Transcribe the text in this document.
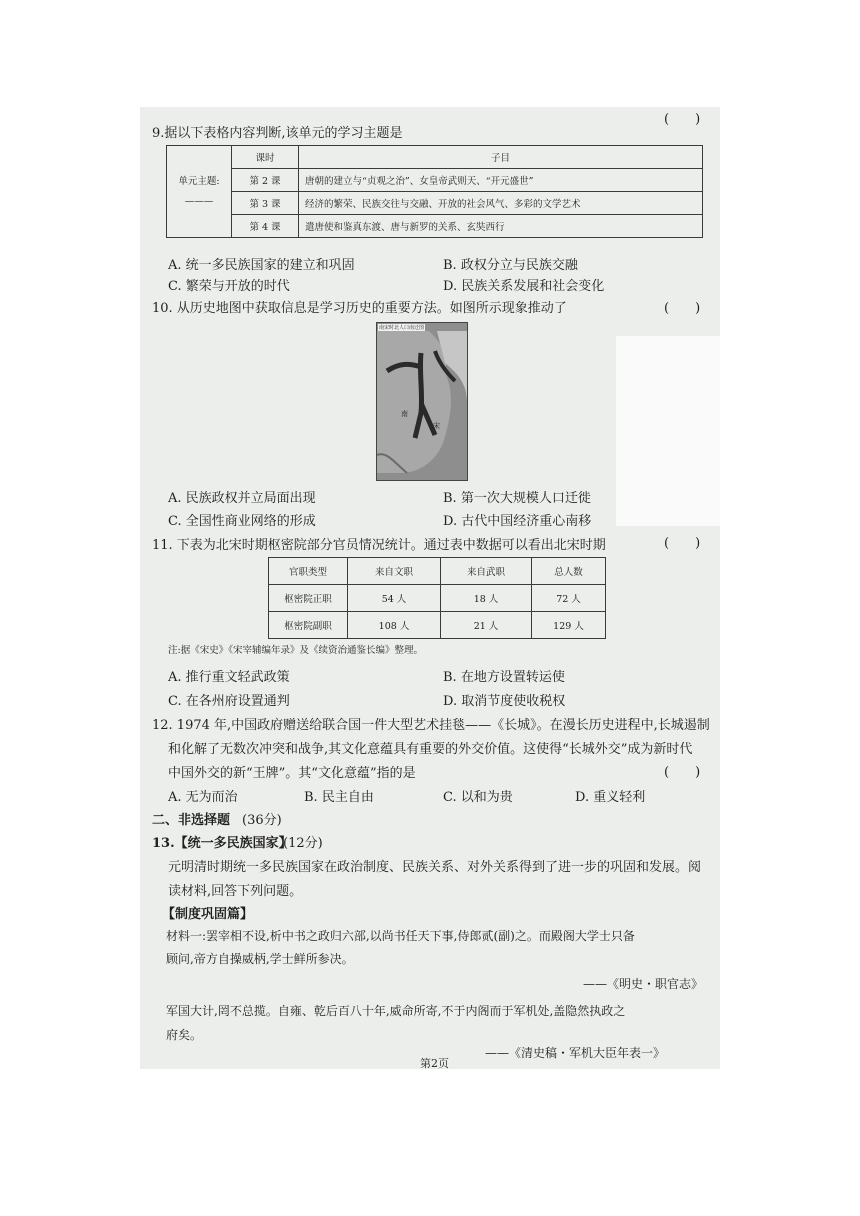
9.据以下表格内容判断,该单元的学习主题是
(　　)
单元主题:
———	课时	子目
	第 2 课	唐朝的建立与“贞观之治”、女皇帝武则天、“开元盛世”
	第 3 课	经济的繁荣、民族交往与交融、开放的社会风气、多彩的文学艺术
	第 4 课	遣唐使和鉴真东渡、唐与新罗的关系、玄奘西行
A. 统一多民族国家的建立和巩固	B. 政权分立与民族交融
C. 繁荣与开放的时代	D. 民族关系发展和社会变化
10. 从历史地图中获取信息是学习历史的重要方法。如图所示现象推动了	(　　)
南宋时北人口南迁图
南
宋
A. 民族政权并立局面出现	B. 第一次大规模人口迁徙
C. 全国性商业网络的形成	D. 古代中国经济重心南移
11. 下表为北宋时期枢密院部分官员情况统计。通过表中数据可以看出北宋时期	(　　)
官职类型	来自文职	来自武职	总人数
枢密院正职	54 人	18 人	72 人
枢密院副职	108 人	21 人	129 人
注:据《宋史》《宋宰辅编年录》及《续资治通鉴长编》整理。
A. 推行重文轻武政策	B. 在地方设置转运使
C. 在各州府设置通判	D. 取消节度使收税权
12. 1974 年,中国政府赠送给联合国一件大型艺术挂毯——《长城》。在漫长历史进程中,长城遏制
和化解了无数次冲突和战争,其文化意蕴具有重要的外交价值。这使得“长城外交”成为新时代
中国外交的新“王牌”。其“文化意蕴”指的是	(　　)
A. 无为而治	B. 民主自由	C. 以和为贵	D. 重义轻利
二、非选择题 (36分)
13.【统一多民族国家】
(12分)
元明清时期统一多民族国家在政治制度、民族关系、对外关系得到了进一步的巩固和发展。阅
读材料,回答下列问题。
【制度巩固篇】
材料一:罢宰相不设,析中书之政归六部,以尚书任天下事,侍郎贰(副)之。而殿阁大学士只备
顾问,帝方自操威柄,学士鲜所参决。
——《明史・职官志》
军国大计,罔不总揽。自雍、乾后百八十年,威命所寄,不于内阁而于军机处,盖隐然执政之
府矣。
——《清史稿・军机大臣年表一》
第2页
